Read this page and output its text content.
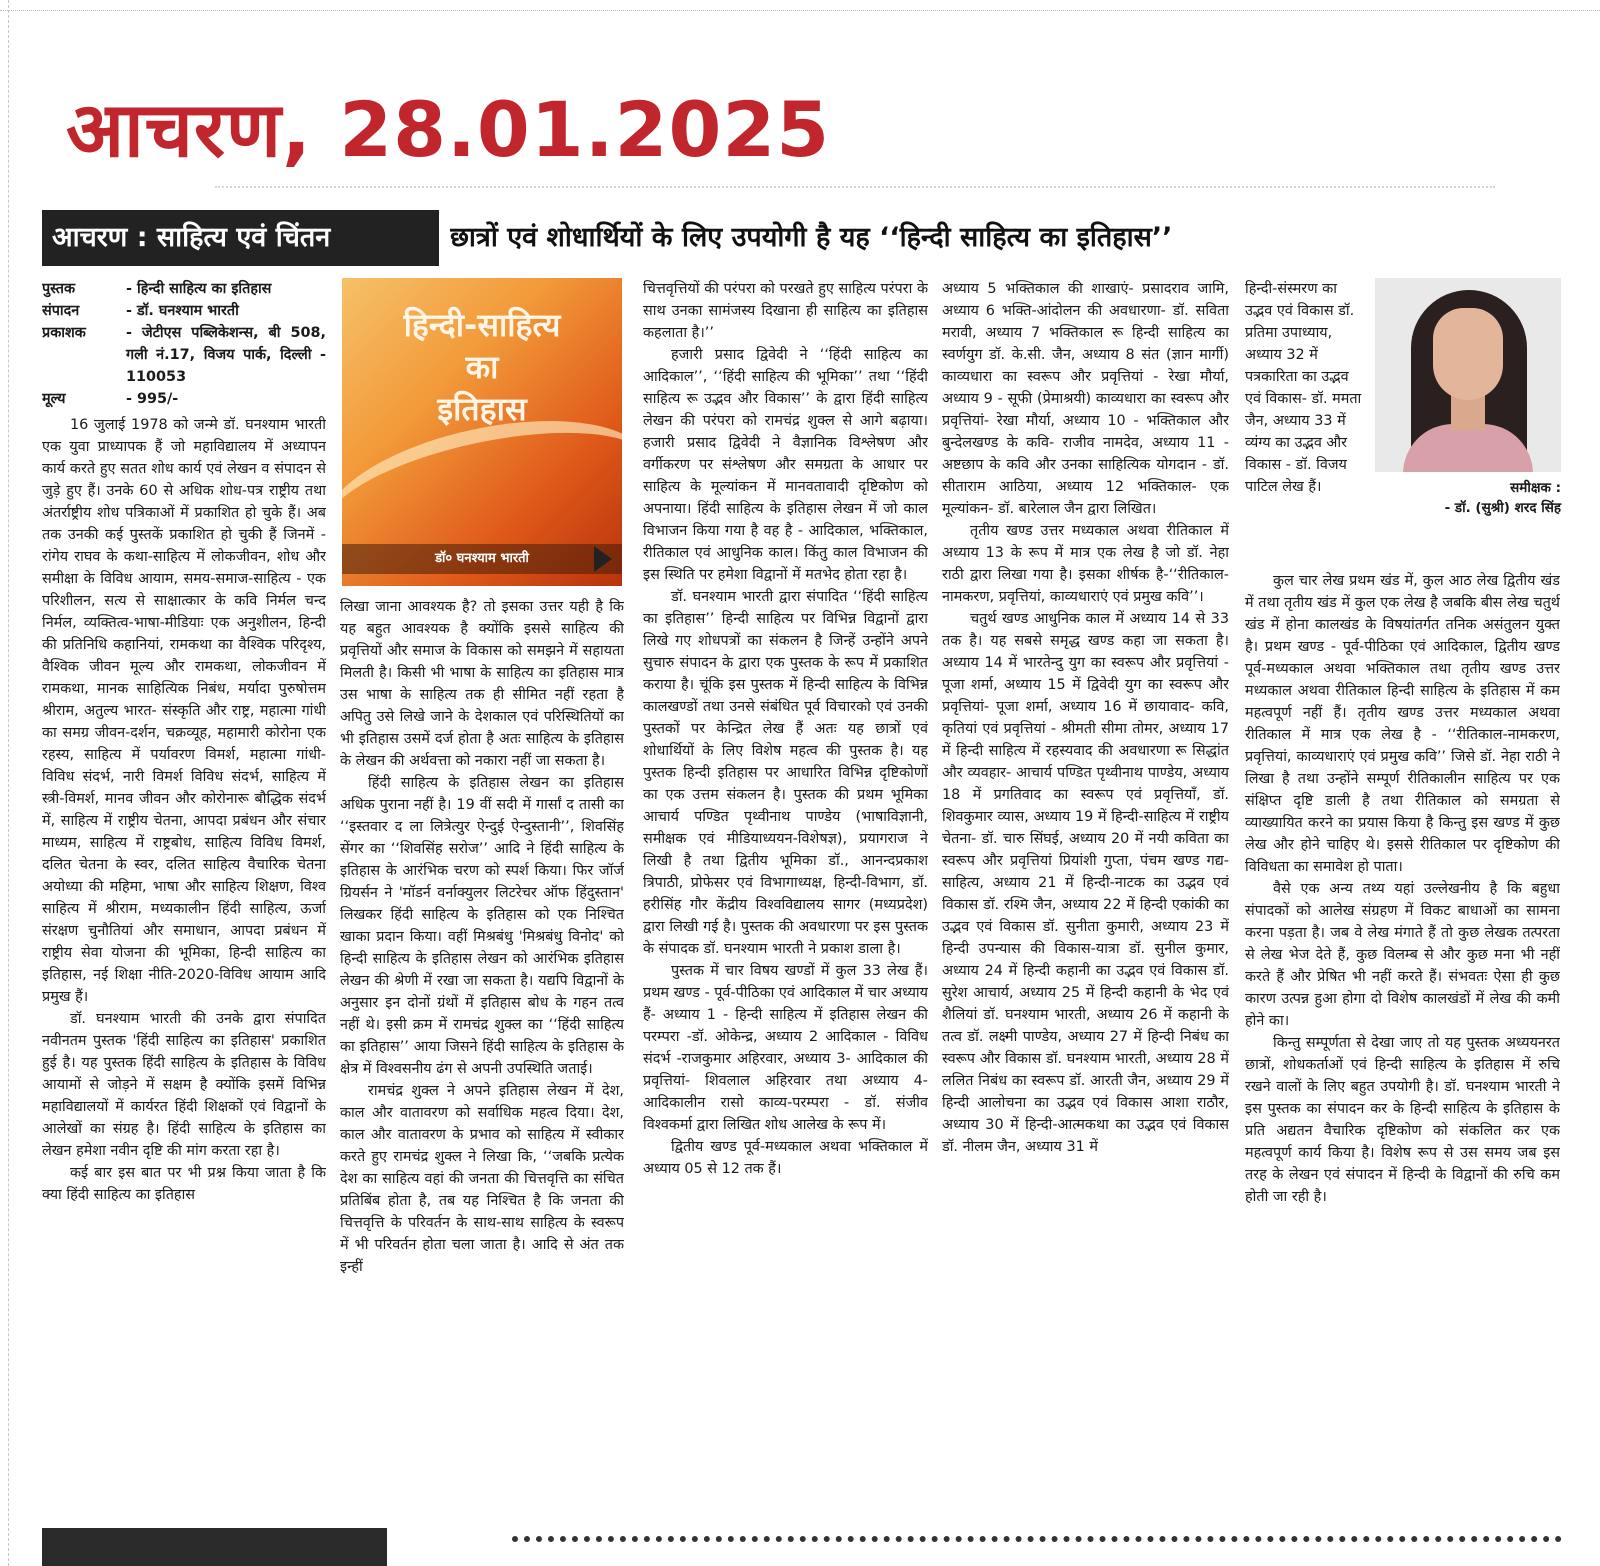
आचरण, 28.01.2025
आचरण : साहित्य एवं चिंतन	छात्रों एवं शोधार्थियों के लिए उपयोगी है यह ‘‘हिन्दी साहित्य का इतिहास’’
पुस्तक	- हिन्दी साहित्य का इतिहास
संपादन	- डॉ. घनश्याम भारती
प्रकाशक	- जेटीएस पब्लिकेशन्स, बी 508, गली नं.17, विजय पार्क, दिल्ली - 110053
मूल्य	- 995/-

16 जुलाई 1978 को जन्मे डॉ. घनश्याम भारती एक युवा प्राध्यापक हैं जो महाविद्यालय में अध्यापन कार्य करते हुए सतत शोध कार्य एवं लेखन व संपादन से जुड़े हुए हैं। उनके 60 से अधिक शोध-पत्र राष्ट्रीय तथा अंतर्राष्ट्रीय शोध पत्रिकाओं में प्रकाशित हो चुके हैं। अब तक उनकी कई पुस्तकें प्रकाशित हो चुकी हैं जिनमें - रांगेय राघव के कथा-साहित्य में लोकजीवन, शोध और समीक्षा के विविध आयाम, समय-समाज-साहित्य - एक परिशीलन, सत्य से साक्षात्कार के कवि निर्मल चन्द निर्मल, व्यक्तित्व-भाषा-मीडियाः एक अनुशीलन, हिन्दी की प्रतिनिधि कहानियां, रामकथा का वैश्विक परिदृश्य, वैश्विक जीवन मूल्य और रामकथा, लोकजीवन में रामकथा, मानक साहित्यिक निबंध, मर्यादा पुरुषोत्तम श्रीराम, अतुल्य भारत- संस्कृति और राष्ट्र, महात्मा गांधी का समग्र जीवन-दर्शन, चक्रव्यूह, महामारी कोरोना एक रहस्य, साहित्य में पर्यावरण विमर्श, महात्मा गांधी- विविध संदर्भ, नारी विमर्श विविध संदर्भ, साहित्य में स्त्री-विमर्श, मानव जीवन और कोरोनारू बौद्धिक संदर्भ में, साहित्य में राष्ट्रीय चेतना, आपदा प्रबंधन और संचार माध्यम, साहित्य में राष्ट्रबोध, साहित्य विविध विमर्श, दलित चेतना के स्वर, दलित साहित्य वैचारिक चेतना अयोध्या की महिमा, भाषा और साहित्य शिक्षण, विश्व साहित्य में श्रीराम, मध्यकालीन हिंदी साहित्य, ऊर्जा संरक्षण चुनौतियां और समाधान, आपदा प्रबंधन में राष्ट्रीय सेवा योजना की भूमिका, हिन्दी साहित्य का इतिहास, नई शिक्षा नीति-2020-विविध आयाम आदि प्रमुख हैं।

डॉ. घनश्याम भारती की उनके द्वारा संपादित नवीनतम पुस्तक 'हिंदी साहित्य का इतिहास' प्रकाशित हुई है। यह पुस्तक हिंदी साहित्य के इतिहास के विविध आयामों से जोड़ने में सक्षम है क्योंकि इसमें विभिन्न महाविद्यालयों में कार्यरत हिंदी शिक्षकों एवं विद्वानों के आलेखों का संग्रह है। हिंदी साहित्य के इतिहास का लेखन हमेशा नवीन दृष्टि की मांग करता रहा है।

कई बार इस बात पर भी प्रश्न किया जाता है कि क्या हिंदी साहित्य का इतिहास

हिन्दी-साहित्य
का
इतिहास
डॉ० घनश्याम भारती

लिखा जाना आवश्यक है? तो इसका उत्तर यही है कि यह बहुत आवश्यक है क्योंकि इससे साहित्य की प्रवृत्तियों और समाज के विकास को समझने में सहायता मिलती है। किसी भी भाषा के साहित्य का इतिहास मात्र उस भाषा के साहित्य तक ही सीमित नहीं रहता है अपितु उसे लिखे जाने के देशकाल एवं परिस्थितियों का भी इतिहास उसमें दर्ज होता है अतः साहित्य के इतिहास के लेखन की अर्थवत्ता को नकारा नहीं जा सकता है।

हिंदी साहित्य के इतिहास लेखन का इतिहास अधिक पुराना नहीं है। 19 वीं सदी में गार्सां द तासी का ‘‘इस्तवार द ला लित्रेत्युर ऐन्दुई ऐन्दुस्तानी’’, शिवसिंह सेंगर का ‘‘शिवसिंह सरोज’’ आदि ने हिंदी साहित्य के इतिहास के आरंभिक चरण को स्पर्श किया। फिर जॉर्ज ग्रियर्सन ने 'मॉडर्न वर्नाक्युलर लिटरेचर ऑफ हिंदुस्तान' लिखकर हिंदी साहित्य के इतिहास को एक निश्चित खाका प्रदान किया। वहीं मिश्रबंधु 'मिश्रबंधु विनोद' को हिन्दी साहित्य के इतिहास लेखन को आरंभिक इतिहास लेखन की श्रेणी में रखा जा सकता है। यद्यपि विद्वानों के अनुसार इन दोनों ग्रंथों में इतिहास बोध के गहन तत्व नहीं थे। इसी क्रम में रामचंद्र शुक्ल का ‘‘हिंदी साहित्य का इतिहास’’ आया जिसने हिंदी साहित्य के इतिहास के क्षेत्र में विश्वसनीय ढंग से अपनी उपस्थिति जताई।

रामचंद्र शुक्ल ने अपने इतिहास लेखन में देश, काल और वातावरण को सर्वाधिक महत्व दिया। देश, काल और वातावरण के प्रभाव को साहित्य में स्वीकार करते हुए रामचंद्र शुक्ल ने लिखा कि, ‘‘जबकि प्रत्येक देश का साहित्य वहां की जनता की चित्तवृत्ति का संचित प्रतिबिंब होता है, तब यह निश्चित है कि जनता की चित्तवृत्ति के परिवर्तन के साथ-साथ साहित्य के स्वरूप में भी परिवर्तन होता चला जाता है। आदि से अंत तक इन्हीं

चित्तवृत्तियों की परंपरा को परखते हुए साहित्य परंपरा के साथ उनका सामंजस्य दिखाना ही साहित्य का इतिहास कहलाता है।’’

हजारी प्रसाद द्विवेदी ने ‘‘हिंदी साहित्य का आदिकाल’’, ‘‘हिंदी साहित्य की भूमिका’’ तथा ‘‘हिंदी साहित्य रू उद्भव और विकास’’ के द्वारा हिंदी साहित्य लेखन की परंपरा को रामचंद्र शुक्ल से आगे बढ़ाया। हजारी प्रसाद द्विवेदी ने वैज्ञानिक विश्लेषण और वर्गीकरण पर संश्लेषण और समग्रता के आधार पर साहित्य के मूल्यांकन में मानवतावादी दृष्टिकोण को अपनाया। हिंदी साहित्य के इतिहास लेखन में जो काल विभाजन किया गया है वह है - आदिकाल, भक्तिकाल, रीतिकाल एवं आधुनिक काल। किंतु काल विभाजन की इस स्थिति पर हमेशा विद्वानों में मतभेद होता रहा है।

डॉ. घनश्याम भारती द्वारा संपादित ‘‘हिंदी साहित्य का इतिहास’’ हिन्दी साहित्य पर विभिन्न विद्वानों द्वारा लिखे गए शोधपत्रों का संकलन है जिन्हें उन्होंने अपने सुचारु संपादन के द्वारा एक पुस्तक के रूप में प्रकाशित कराया है। चूंकि इस पुस्तक में हिन्दी साहित्य के विभिन्न कालखण्डों तथा उनसे संबंधित पूर्व विचारको एवं उनकी पुस्तकों पर केन्द्रित लेख हैं अतः यह छात्रों एवं शोधार्थियों के लिए विशेष महत्व की पुस्तक है। यह पुस्तक हिन्दी इतिहास पर आधारित विभिन्न दृष्टिकोणों का एक उत्तम संकलन है। पुस्तक की प्रथम भूमिका आचार्य पण्डित पृथ्वीनाथ पाण्डेय (भाषाविज्ञानी, समीक्षक एवं मीडियाध्ययन-विशेषज्ञ), प्रयागराज ने लिखी है तथा द्वितीय भूमिका डॉ., आनन्दप्रकाश त्रिपाठी, प्रोफेसर एवं विभागाध्यक्ष, हिन्दी-विभाग, डॉ. हरीसिंह गौर केंद्रीय विश्वविद्यालय सागर (मध्यप्रदेश) द्वारा लिखी गई है। पुस्तक की अवधारणा पर इस पुस्तक के संपादक डॉ. घनश्याम भारती ने प्रकाश डाला है।

पुस्तक में चार विषय खण्डों में कुल 33 लेख हैं। प्रथम खण्ड - पूर्व-पीठिका एवं आदिकाल में चार अध्याय हैं- अध्याय 1 - हिन्दी साहित्य में इतिहास लेखन की परम्परा -डॉ. ओकेन्द्र, अध्याय 2 आदिकाल - विविध संदर्भ -राजकुमार अहिरवार, अध्याय 3- आदिकाल की प्रवृत्तियां- शिवलाल अहिरवार तथा अध्याय 4- आदिकालीन रासो काव्य-परम्परा - डॉ. संजीव विश्वकर्मा द्वारा लिखित शोध आलेख के रूप में।

द्वितीय खण्ड पूर्व-मध्यकाल अथवा भक्तिकाल में अध्याय 05 से 12 तक हैं।

अध्याय 5 भक्तिकाल की शाखाएं- प्रसादराव जामि, अध्याय 6 भक्ति-आंदोलन की अवधारणा- डॉ. सविता मरावी, अध्याय 7 भक्तिकाल रू हिन्दी साहित्य का स्वर्णयुग डॉ. के.सी. जैन, अध्याय 8 संत (ज्ञान मार्गी) काव्यधारा का स्वरूप और प्रवृत्तियां - रेखा मौर्या, अध्याय 9 - सूफी (प्रेमाश्रयी) काव्यधारा का स्वरूप और प्रवृत्तियां- रेखा मौर्या, अध्याय 10 - भक्तिकाल और बुन्देलखण्ड के कवि- राजीव नामदेव, अध्याय 11 - अष्टछाप के कवि और उनका साहित्यिक योगदान - डॉ. सीताराम आठिया, अध्याय 12 भक्तिकाल- एक मूल्यांकन- डॉ. बारेलाल जैन द्वारा लिखित।

तृतीय खण्ड उत्तर मध्यकाल अथवा रीतिकाल में अध्याय 13 के रूप में मात्र एक लेख है जो डॉ. नेहा राठी द्वारा लिखा गया है। इसका शीर्षक है-‘‘रीतिकाल- नामकरण, प्रवृत्तियां, काव्यधाराएं एवं प्रमुख कवि’’।

चतुर्थ खण्ड आधुनिक काल में अध्याय 14 से 33 तक है। यह सबसे समृद्ध खण्ड कहा जा सकता है। अध्याय 14 में भारतेन्दु युग का स्वरूप और प्रवृत्तियां - पूजा शर्मा, अध्याय 15 में द्विवेदी युग का स्वरूप और प्रवृत्तियां- पूजा शर्मा, अध्याय 16 में छायावाद- कवि, कृतियां एवं प्रवृत्तियां - श्रीमती सीमा तोमर, अध्याय 17 में हिन्दी साहित्य में रहस्यवाद की अवधारणा रू सिद्धांत और व्यवहार- आचार्य पण्डित पृथ्वीनाथ पाण्डेय, अध्याय 18 में प्रगतिवाद का स्वरूप एवं प्रवृत्तियाँ, डॉ. शिवकुमार व्यास, अध्याय 19 में हिन्दी-साहित्य में राष्ट्रीय चेतना- डॉ. चारु सिंघई, अध्याय 20 में नयी कविता का स्वरूप और प्रवृत्तियां प्रियांशी गुप्ता, पंचम खण्ड गद्य-साहित्य, अध्याय 21 में हिन्दी-नाटक का उद्भव एवं विकास डॉ. रश्मि जैन, अध्याय 22 में हिन्दी एकांकी का उद्भव एवं विकास डॉ. सुनीता कुमारी, अध्याय 23 में हिन्दी उपन्यास की विकास-यात्रा डॉ. सुनील कुमार, अध्याय 24 में हिन्दी कहानी का उद्भव एवं विकास डॉ. सुरेश आचार्य, अध्याय 25 में हिन्दी कहानी के भेद एवं शैलियां डॉ. घनश्याम भारती, अध्याय 26 में कहानी के तत्व डॉ. लक्ष्मी पाण्डेय, अध्याय 27 में हिन्दी निबंध का स्वरूप और विकास डॉ. घनश्याम भारती, अध्याय 28 में ललित निबंध का स्वरूप डॉ. आरती जैन, अध्याय 29 में हिन्दी आलोचना का उद्भव एवं विकास आशा राठौर, अध्याय 30 में हिन्दी-आत्मकथा का उद्भव एवं विकास डॉ. नीलम जैन, अध्याय 31 में

हिन्दी-संस्मरण का उद्भव एवं विकास डॉ. प्रतिमा उपाध्याय, अध्याय 32 में पत्रकारिता का उद्भव एवं विकास- डॉ. ममता जैन, अध्याय 33 में व्यंग्य का उद्भव और विकास - डॉ. विजय पाटिल लेख हैं।	समीक्षक :
- डॉ. (सुश्री) शरद सिंह

कुल चार लेख प्रथम खंड में, कुल आठ लेख द्वितीय खंड में तथा तृतीय खंड में कुल एक लेख है जबकि बीस लेख चतुर्थ खंड में होना कालखंड के विषयांतर्गत तनिक असंतुलन युक्त है। प्रथम खण्ड - पूर्व-पीठिका एवं आदिकाल, द्वितीय खण्ड पूर्व-मध्यकाल अथवा भक्तिकाल तथा तृतीय खण्ड उत्तर मध्यकाल अथवा रीतिकाल हिन्दी साहित्य के इतिहास में कम महत्वपूर्ण नहीं हैं। तृतीय खण्ड उत्तर मध्यकाल अथवा रीतिकाल में मात्र एक लेख है - ‘‘रीतिकाल-नामकरण, प्रवृत्तियां, काव्यधाराएं एवं प्रमुख कवि’’ जिसे डॉ. नेहा राठी ने लिखा है तथा उन्होंने सम्पूर्ण रीतिकालीन साहित्य पर एक संक्षिप्त दृष्टि डाली है तथा रीतिकाल को समग्रता से व्याख्यायित करने का प्रयास किया है किन्तु इस खण्ड में कुछ लेख और होने चाहिए थे। इससे रीतिकाल पर दृष्टिकोण की विविधता का समावेश हो पाता।

वैसे एक अन्य तथ्य यहां उल्लेखनीय है कि बहुधा संपादकों को आलेख संग्रहण में विकट बाधाओं का सामना करना पड़ता है। जब वे लेख मंगाते हैं तो कुछ लेखक तत्परता से लेख भेज देते हैं, कुछ विलम्ब से और कुछ मना भी नहीं करते हैं और प्रेषित भी नहीं करते हैं। संभवतः ऐसा ही कुछ कारण उत्पन्न हुआ होगा दो विशेष कालखंडों में लेख की कमी होने का।

किन्तु सम्पूर्णता से देखा जाए तो यह पुस्तक अध्ययनरत छात्रों, शोधकर्ताओं एवं हिन्दी साहित्य के इतिहास में रुचि रखने वालों के लिए बहुत उपयोगी है। डॉ. घनश्याम भारती ने इस पुस्तक का संपादन कर के हिन्दी साहित्य के इतिहास के प्रति अद्यतन वैचारिक दृष्टिकोण को संकलित कर एक महत्वपूर्ण कार्य किया है। विशेष रूप से उस समय जब इस तरह के लेखन एवं संपादन में हिन्दी के विद्वानों की रुचि कम होती जा रही है।
